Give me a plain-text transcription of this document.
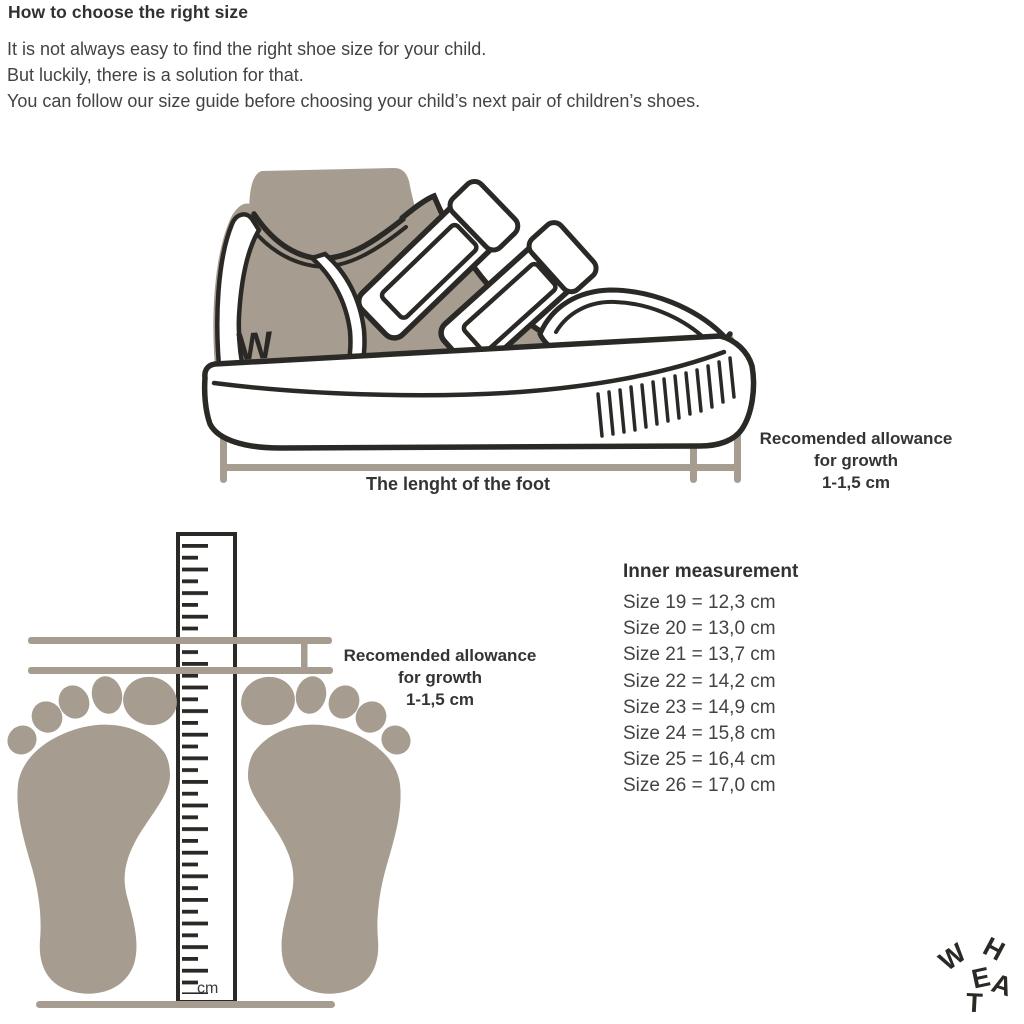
How to choose the right size
It is not always easy to find the right shoe size for your child.
But luckily, there is a solution for that.
You can follow our size guide before choosing your child’s next pair of children’s shoes.
W
The lenght of the foot
Recomended allowance
for growth
1-1,5 cm
cm
Recomended allowance
for growth
1-1,5 cm
Inner measurement
Size 19 = 12,3 cm
Size 20 = 13,0 cm
Size 21 = 13,7 cm
Size 22 = 14,2 cm
Size 23 = 14,9 cm
Size 24 = 15,8 cm
Size 25 = 16,4 cm
Size 26 = 17,0 cm
W H
E
A
T
